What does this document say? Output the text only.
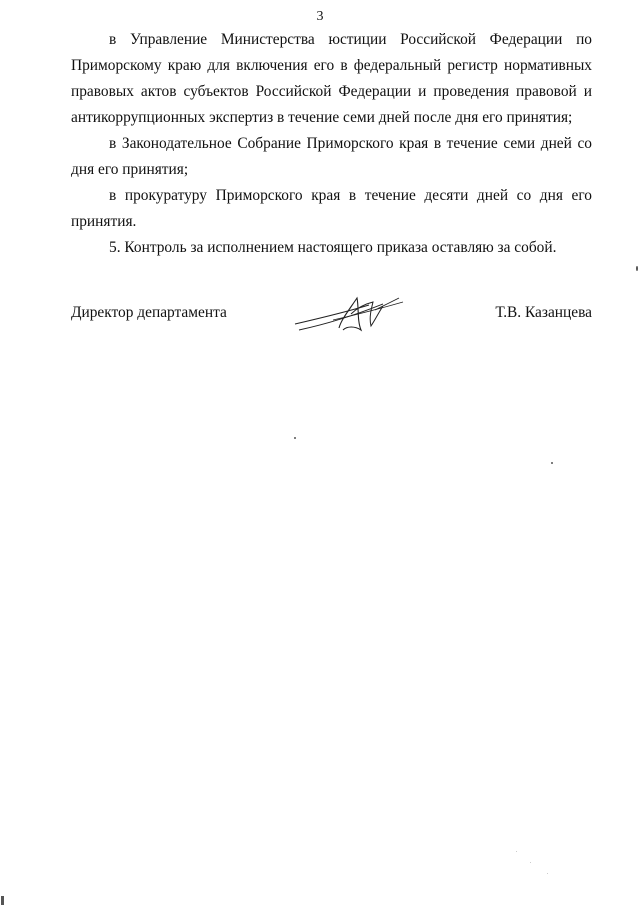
3

в Управление Министерства юстиции Российской Федерации по Приморскому краю для включения его в федеральный регистр нормативных правовых актов субъектов Российской Федерации и проведения правовой и антикоррупционных экспертиз в течение семи дней после дня его принятия;

в Законодательное Собрание Приморского края в течение семи дней со дня его принятия;

в прокуратуру Приморского края в течение десяти дней со дня его принятия.

5. Контроль за исполнением настоящего приказа оставляю за собой.

Директор департамента	Т.В. Казанцева
